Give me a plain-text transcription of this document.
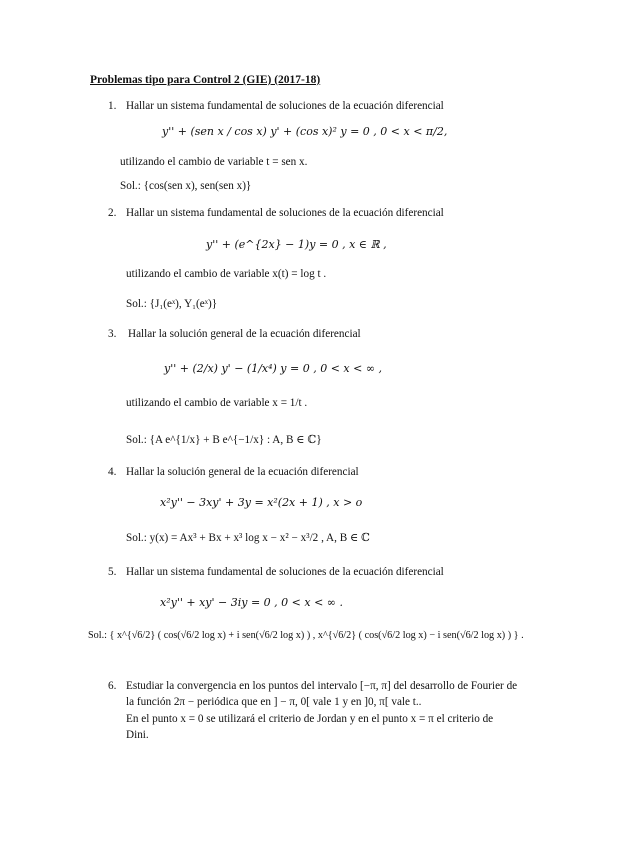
Problemas tipo para Control 2 (GIE) (2017-18)
1. Hallar un sistema fundamental de soluciones de la ecuación diferencial
y'' + (sen x / cos x) y' + (cos x)² y = 0 , 0 < x < π/2,
utilizando el cambio de variable t = sen x.
Sol.: {cos(sen x), sen(sen x)}
2. Hallar un sistema fundamental de soluciones de la ecuación diferencial
y'' + (e^{2x} − 1)y = 0 , x ∈ ℝ ,
utilizando el cambio de variable x(t) = log t .
Sol.: {J₁(eˣ), Y₁(eˣ)}
3. Hallar la solución general de la ecuación diferencial
y'' + (2/x) y' − (1/x⁴) y = 0 , 0 < x < ∞ ,
utilizando el cambio de variable x = 1/t .
Sol.: {A e^{1/x} + B e^{−1/x} : A, B ∈ ℂ}
4. Hallar la solución general de la ecuación diferencial
x²y'' − 3xy' + 3y = x²(2x + 1) , x > o
Sol.: y(x) = Ax³ + Bx + x³ log x − x² − x³/2 , A, B ∈ ℂ
5. Hallar un sistema fundamental de soluciones de la ecuación diferencial
x²y'' + xy' − 3iy = 0 , 0 < x < ∞ .
Sol.: { x^{√6/2} ( cos(√6/2 log x) + i sen(√6/2 log x) ) , x^{√6/2} ( cos(√6/2 log x) − i sen(√6/2 log x) ) } .
6. Estudiar la convergencia en los puntos del intervalo [−π, π] del desarrollo de Fourier de
la función 2π − periódica que en ] − π, 0[ vale 1 y en ]0, π[ vale t..
En el punto x = 0 se utilizará el criterio de Jordan y en el punto x = π el criterio de
Dini.
